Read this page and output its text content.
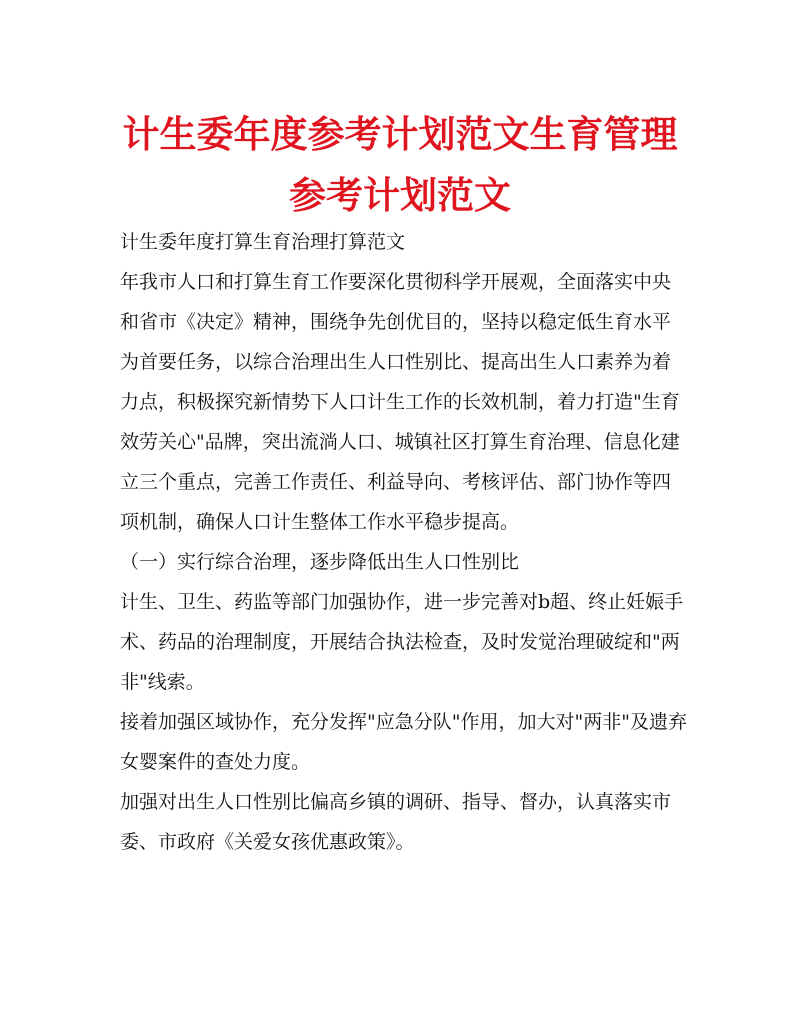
计生委年度参考计划范文生育管理参考计划范文

计生委年度打算生育治理打算范文

年我市人口和打算生育工作要深化贯彻科学开展观，全面落实中央和省市《决定》精神，围绕争先创优目的，坚持以稳定低生育水平为首要任务，以综合治理出生人口性别比、提高出生人口素养为着力点，积极探究新情势下人口计生工作的长效机制，着力打造"生育效劳关心"品牌，突出流淌人口、城镇社区打算生育治理、信息化建立三个重点，完善工作责任、利益导向、考核评估、部门协作等四项机制，确保人口计生整体工作水平稳步提高。

（一）实行综合治理，逐步降低出生人口性别比

计生、卫生、药监等部门加强协作，进一步完善对b超、终止妊娠手术、药品的治理制度，开展结合执法检查，及时发觉治理破绽和"两非"线索。

接着加强区域协作，充分发挥"应急分队"作用，加大对"两非"及遗弃女婴案件的查处力度。

加强对出生人口性别比偏高乡镇的调研、指导、督办，认真落实市委、市政府《关爱女孩优惠政策》。
